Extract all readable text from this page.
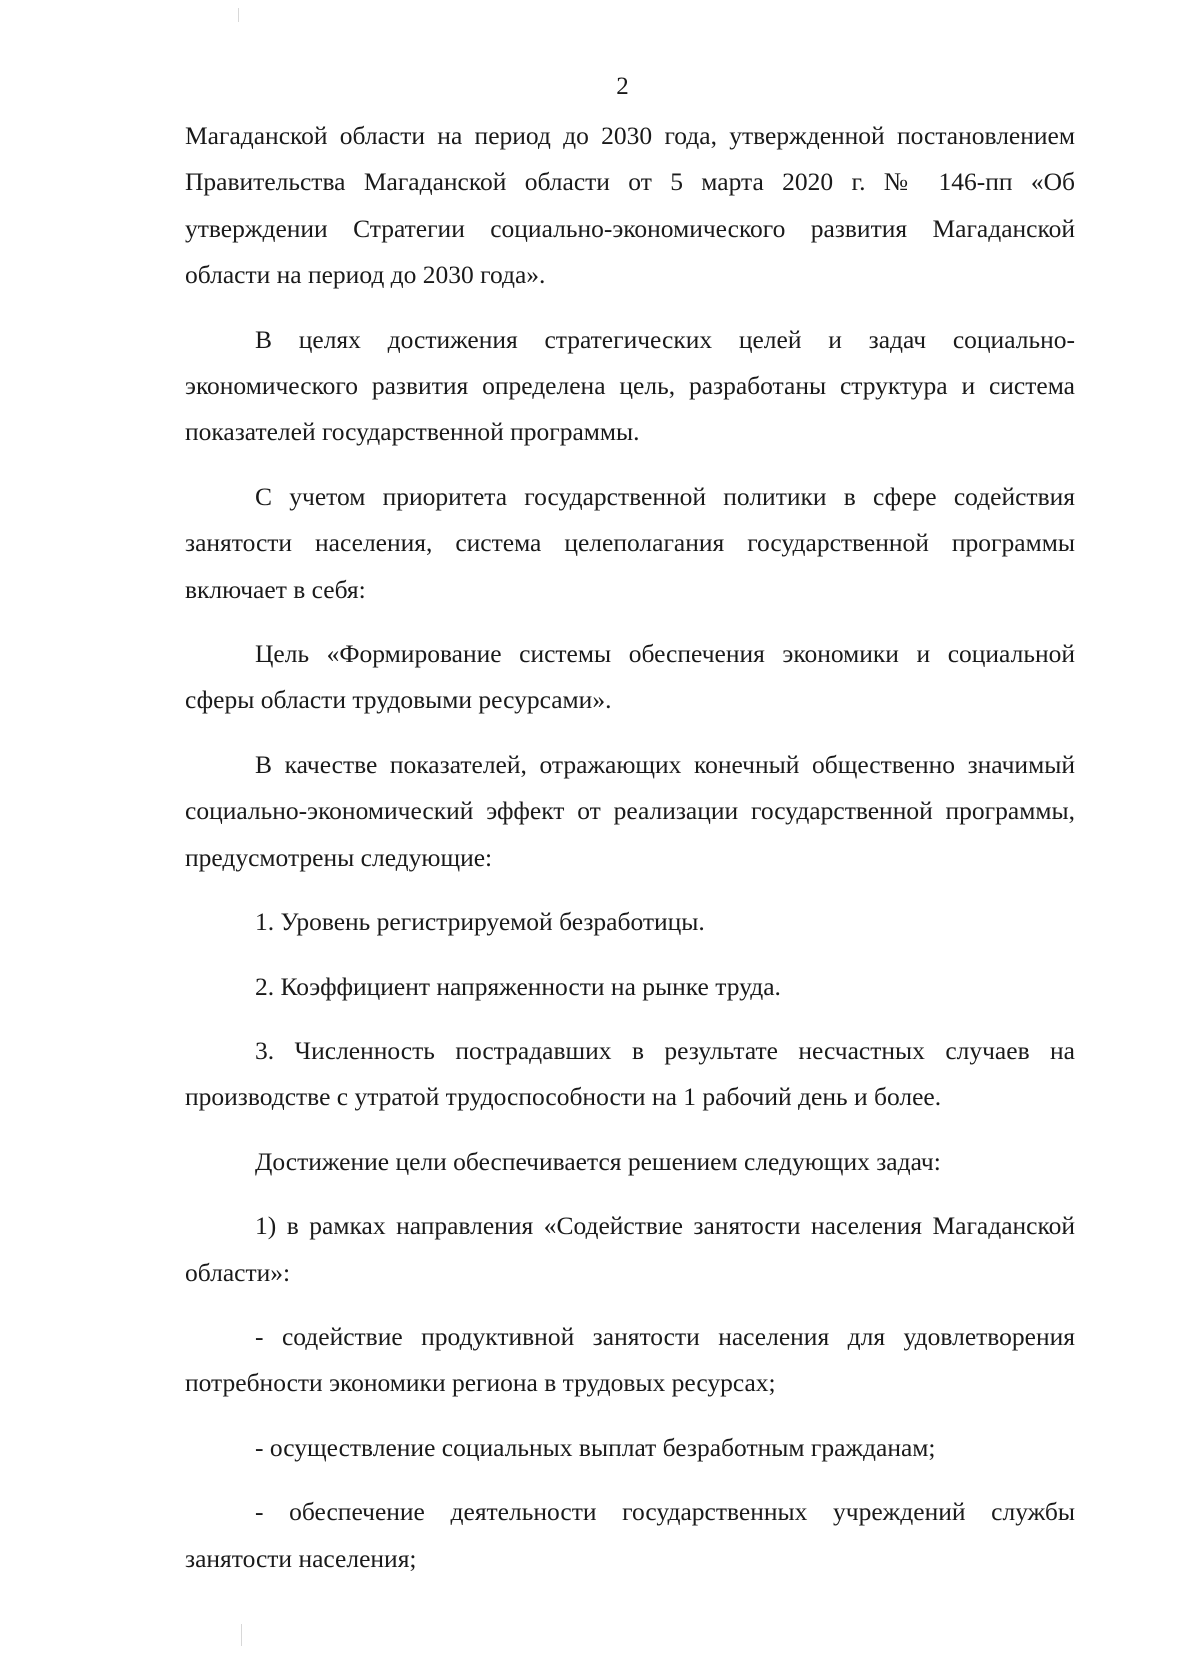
2

Магаданской области на период до 2030 года, утвержденной постановлением Правительства Магаданской области от 5 марта 2020 г. № 146-пп «Об утверждении Стратегии социально-экономического развития Магаданской области на период до 2030 года».

В целях достижения стратегических целей и задач социально-экономического развития определена цель, разработаны структура и система показателей государственной программы.

С учетом приоритета государственной политики в сфере содействия занятости населения, система целеполагания государственной программы включает в себя:

Цель «Формирование системы обеспечения экономики и социальной сферы области трудовыми ресурсами».

В качестве показателей, отражающих конечный общественно значимый социально-экономический эффект от реализации государственной программы, предусмотрены следующие:

1. Уровень регистрируемой безработицы.

2. Коэффициент напряженности на рынке труда.

3. Численность пострадавших в результате несчастных случаев на производстве с утратой трудоспособности на 1 рабочий день и более.

Достижение цели обеспечивается решением следующих задач:

1) в рамках направления «Содействие занятости населения Магаданской области»:

- содействие продуктивной занятости населения для удовлетворения потребности экономики региона в трудовых ресурсах;

- осуществление социальных выплат безработным гражданам;

- обеспечение деятельности государственных учреждений службы занятости населения;
